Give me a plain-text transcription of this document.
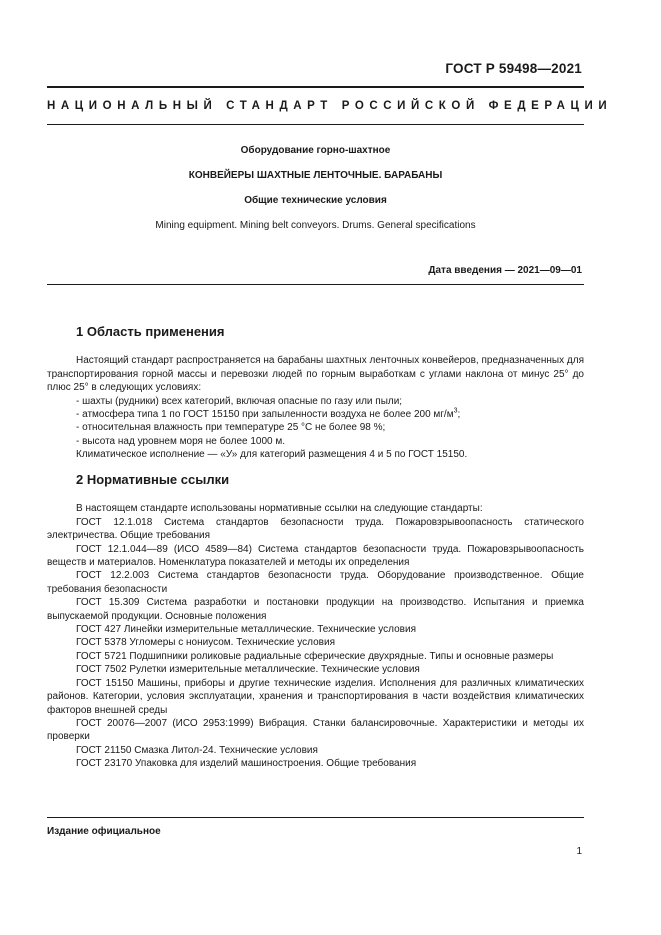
ГОСТ Р 59498—2021
НАЦИОНАЛЬНЫЙ СТАНДАРТ РОССИЙСКОЙ ФЕДЕРАЦИИ
Оборудование горно-шахтное
КОНВЕЙЕРЫ ШАХТНЫЕ ЛЕНТОЧНЫЕ. БАРАБАНЫ
Общие технические условия
Mining equipment. Mining belt conveyors. Drums. General specifications
Дата введения — 2021—09—01
1 Область применения

Настоящий стандарт распространяется на барабаны шахтных ленточных конвейеров, предназначенных для транспортирования горной массы и перевозки людей по горным выработкам с углами наклона от минус 25° до плюс 25° в следующих условиях:

- шахты (рудники) всех категорий, включая опасные по газу или пыли;

- атмосфера типа 1 по ГОСТ 15150 при запыленности воздуха не более 200 $мг/м^3$;

- относительная влажность при температуре 25 °С не более 98 %;

- высота над уровнем моря не более 1000 м.

Климатическое исполнение — «У» для категорий размещения 4 и 5 по ГОСТ 15150.

2 Нормативные ссылки

В настоящем стандарте использованы нормативные ссылки на следующие стандарты:

ГОСТ 12.1.018 Система стандартов безопасности труда. Пожаровзрывоопасность статического электричества. Общие требования

ГОСТ 12.1.044—89 (ИСО 4589—84) Система стандартов безопасности труда. Пожаровзрывоопасность веществ и материалов. Номенклатура показателей и методы их определения

ГОСТ 12.2.003 Система стандартов безопасности труда. Оборудование производственное. Общие требования безопасности

ГОСТ 15.309 Система разработки и постановки продукции на производство. Испытания и приемка выпускаемой продукции. Основные положения

ГОСТ 427 Линейки измерительные металлические. Технические условия

ГОСТ 5378 Угломеры с нониусом. Технические условия

ГОСТ 5721 Подшипники роликовые радиальные сферические двухрядные. Типы и основные размеры

ГОСТ 7502 Рулетки измерительные металлические. Технические условия

ГОСТ 15150 Машины, приборы и другие технические изделия. Исполнения для различных климатических районов. Категории, условия эксплуатации, хранения и транспортирования в части воздействия климатических факторов внешней среды

ГОСТ 20076—2007 (ИСО 2953:1999) Вибрация. Станки балансировочные. Характеристики и методы их проверки

ГОСТ 21150 Смазка Литол-24. Технические условия

ГОСТ 23170 Упаковка для изделий машиностроения. Общие требования

Издание официальное
1
